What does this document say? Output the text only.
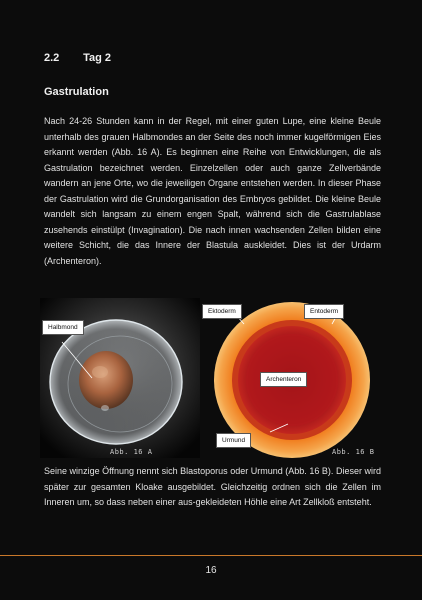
2.2 Tag 2
Gastrulation
Nach 24-26 Stunden kann in der Regel, mit einer guten Lupe, eine kleine Beule unterhalb des grauen Halbmondes an der Seite des noch immer kugelförmigen Eies erkannt werden (Abb. 16 A). Es beginnen eine Reihe von Entwicklungen, die als Gastrulation bezeichnet werden. Einzelzellen oder auch ganze Zellverbände wandern an jene Orte, wo die jeweiligen Organe entstehen werden. In dieser Phase der Gastrulation wird die Grundorganisation des Embryos gebildet. Die kleine Beule wandelt sich langsam zu einem engen Spalt, während sich die Gastrulablase zusehends einstülpt (Invagination). Die nach innen wachsenden Zellen bilden eine weitere Schicht, die das Innere der Blastula auskleidet. Dies ist der Urdarm (Archenteron).
Halbmond
Abb. 16 A
Ektoderm	Entoderm
Archenteron
Urmund
Abb. 16 B
Seine winzige Öffnung nennt sich Blastoporus oder Urmund (Abb. 16 B). Dieser wird später zur gesamten Kloake ausgebildet. Gleichzeitig ordnen sich die Zellen im Inneren um, so dass neben einer aus-gekleideten Höhle eine Art Zellkloß entsteht.
16
